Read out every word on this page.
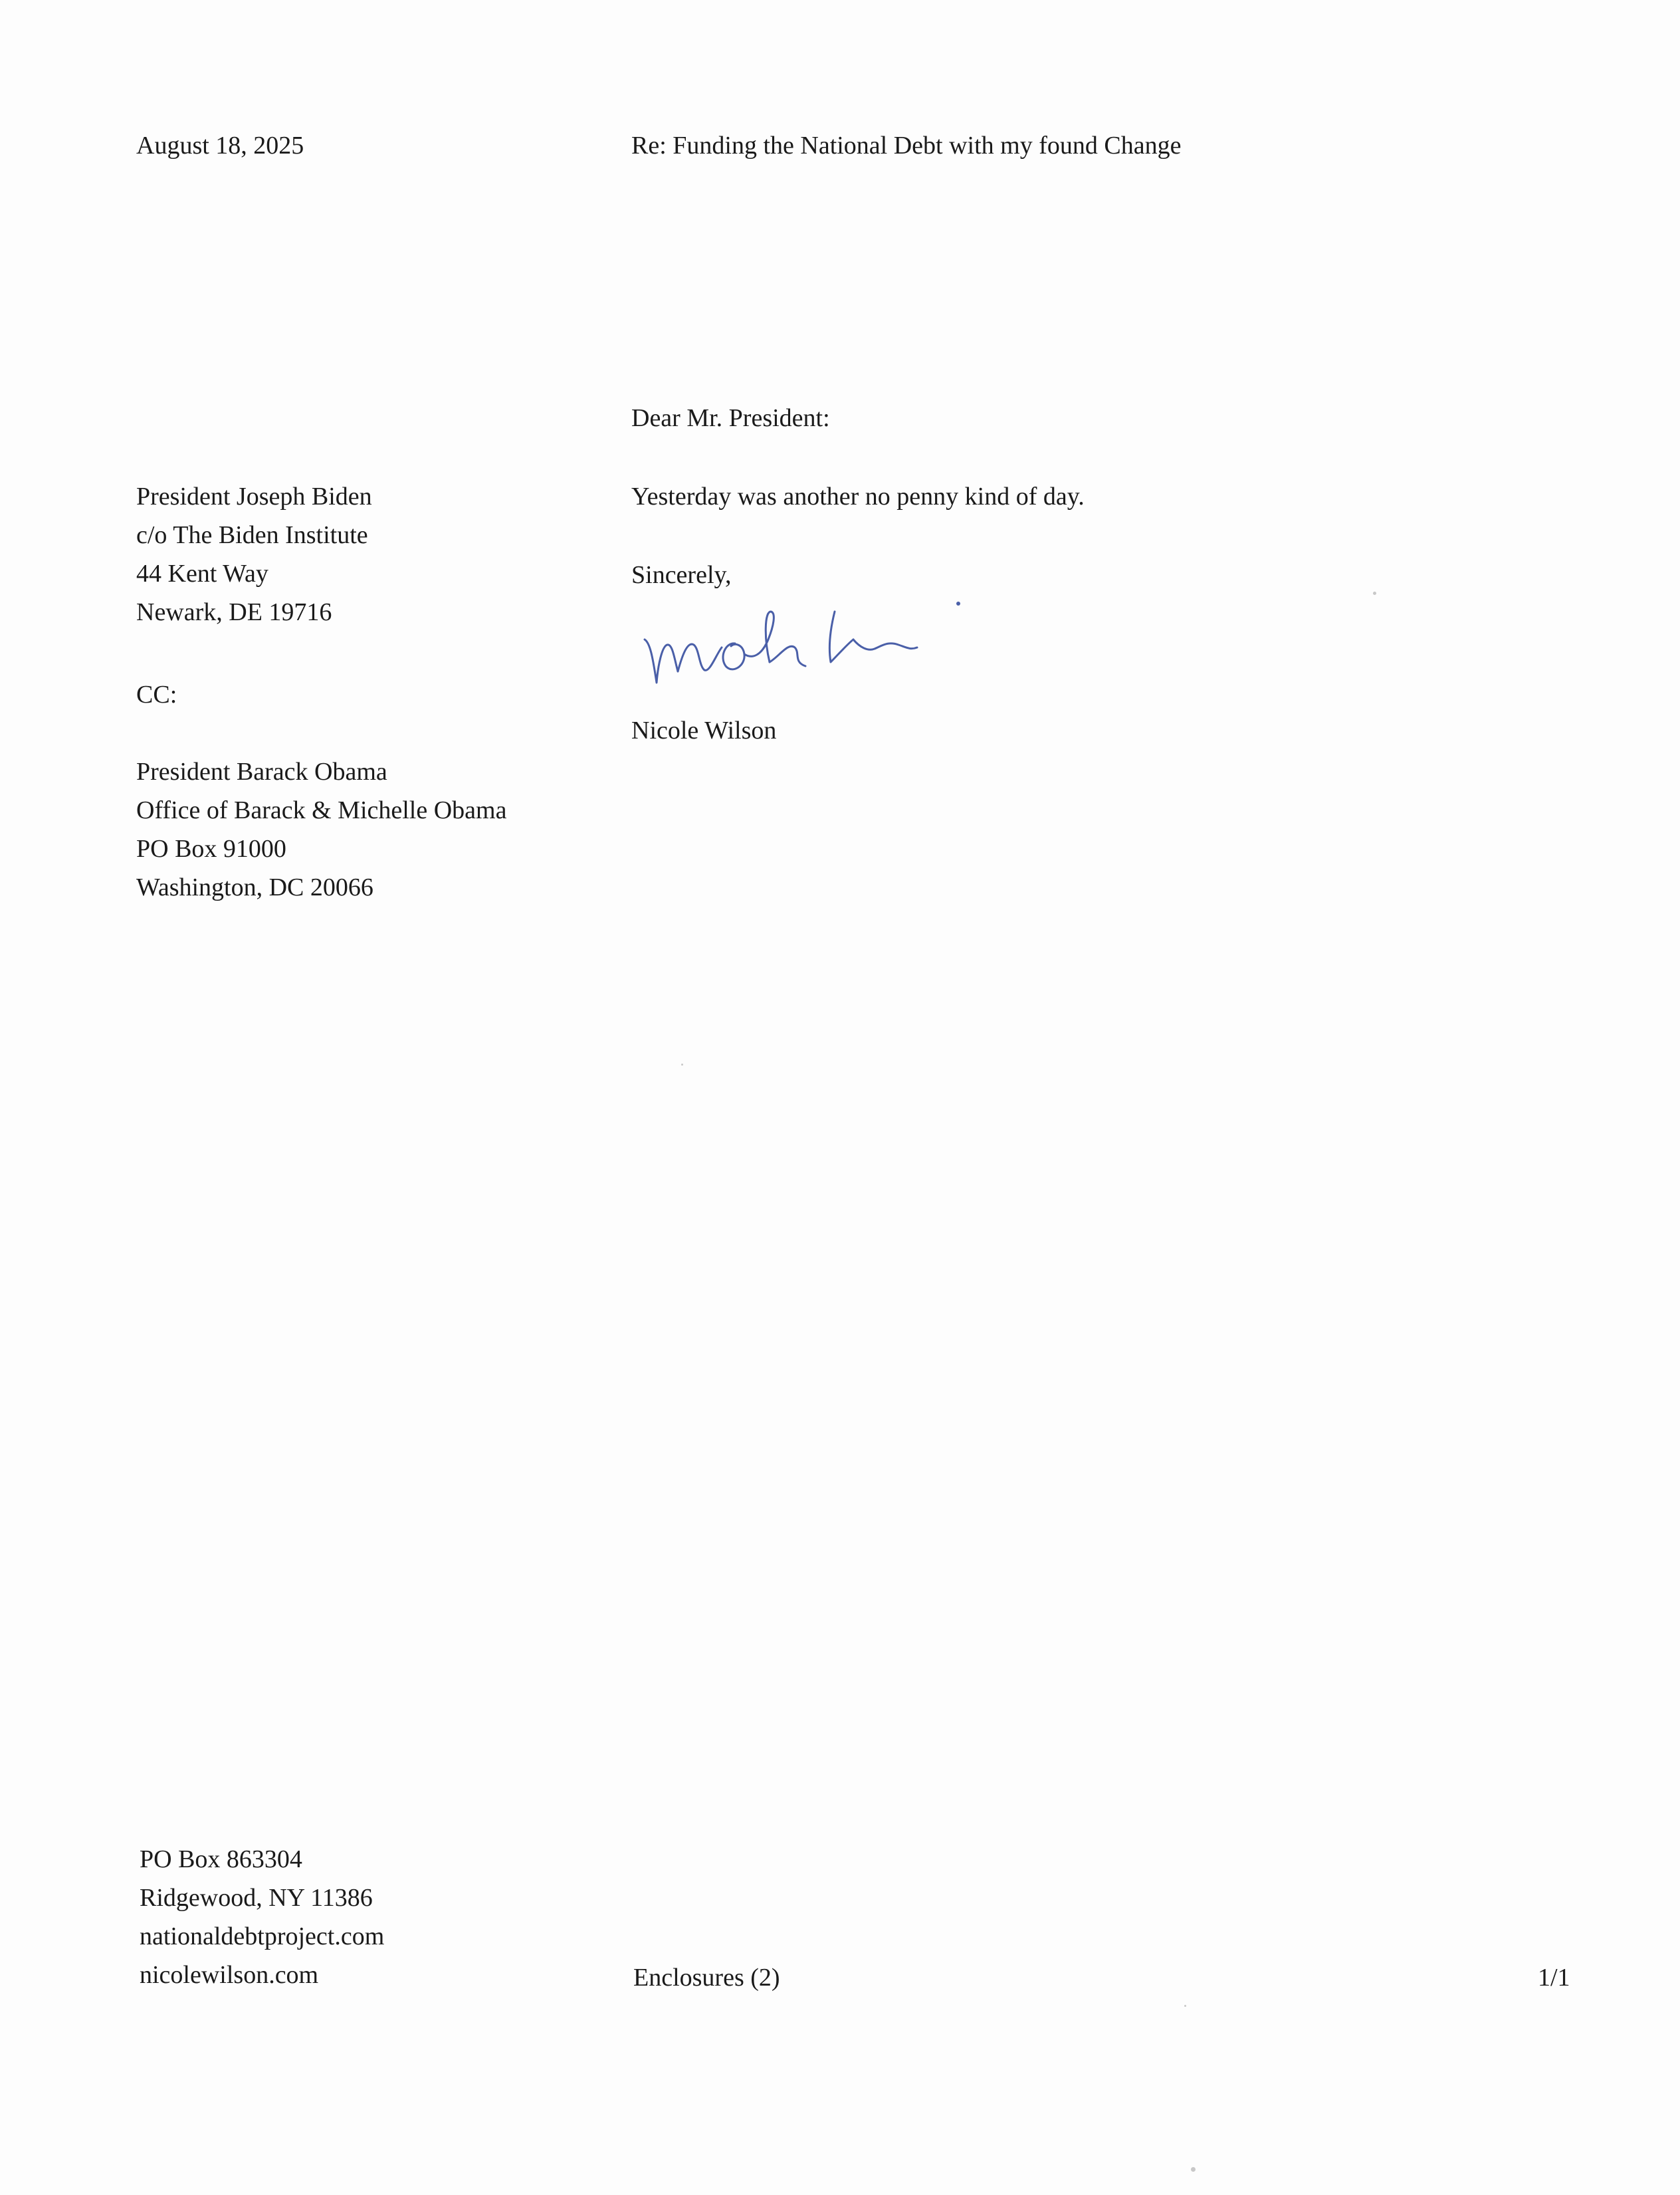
August 18, 2025	Re: Funding the National Debt with my found Change
Dear Mr. President:
Yesterday was another no penny kind of day.
Sincerely,
Nicole Wilson
President Joseph Biden
c/o The Biden Institute
44 Kent Way
Newark, DE 19716
CC:
President Barack Obama
Office of Barack & Michelle Obama
PO Box 91000
Washington, DC 20066
PO Box 863304
Ridgewood, NY 11386
nationaldebtproject.com
nicolewilson.com	Enclosures (2)	1/1
